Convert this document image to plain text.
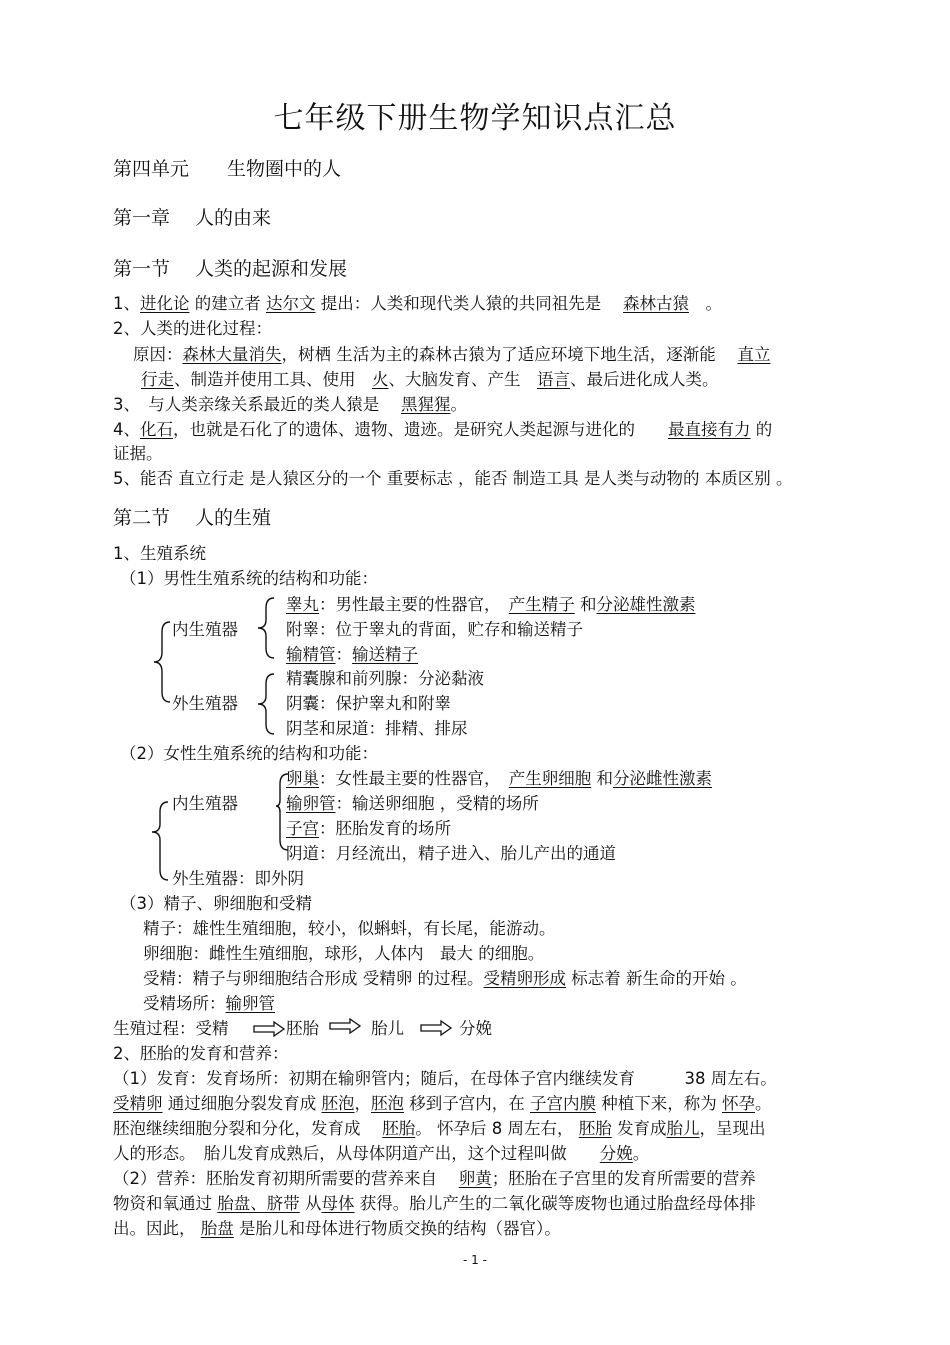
七年级下册生物学知识点汇总
第四单元　　生物圈中的人
第一章　 人的由来
第一节　 人类的起源和发展
1、进化论 的建立者 达尔文 提出：人类和现代类人猿的共同祖先是　 森林古猿　。
2、人类的进化过程：
原因：森林大量消失，树栖 生活为主的森林古猿为了适应环境下地生活，逐渐能　 直立
行走、制造并使用工具、使用　火、大脑发育、产生　语言、最后进化成人类。
3、　与人类亲缘关系最近的类人猿是　 黑猩猩。
4、化石，也就是石化了的遗体、遗物、遗迹。是研究人类起源与进化的　　最直接有力 的
证据。
5、能否 直立行走 是人猿区分的一个 重要标志 ，能否 制造工具 是人类与动物的 本质区别 。
第二节　 人的生殖
1、生殖系统
（1）男性生殖系统的结构和功能：
内生殖器
外生殖器
睾丸：男性最主要的性器官，　产生精子 和分泌雄性激素
附睾：位于睾丸的背面，贮存和输送精子
输精管：输送精子
精囊腺和前列腺：分泌黏液
阴囊：保护睾丸和附睾
阴茎和尿道：排精、排尿
（2）女性生殖系统的结构和功能：
内生殖器
外生殖器：即外阴
卵巢：女性最主要的性器官，　产生卵细胞 和分泌雌性激素
输卵管：输送卵细胞 ，受精的场所
子宫：胚胎发育的场所
阴道：月经流出，精子进入、胎儿产出的通道
（3）精子、卵细胞和受精
精子：雄性生殖细胞，较小，似蝌蚪，有长尾，能游动。
卵细胞：雌性生殖细胞，球形，人体内　最大 的细胞。
受精：精子与卵细胞结合形成 受精卵 的过程。受精卵形成 标志着 新生命的开始 。
受精场所：输卵管
生殖过程：受精	胚胎	胎儿	分娩
2、胚胎的发育和营养：
（1）发育：发育场所：初期在输卵管内；随后，在母体子宫内继续发育　　　38 周左右。
受精卵 通过细胞分裂发育成 胚泡，胚泡 移到子宫内，在 子宫内膜 种植下来，称为 怀孕。
胚泡继续细胞分裂和分化，发育成　 胚胎。 怀孕后 8 周左右， 胚胎 发育成胎儿，呈现出
人的形态。　胎儿发育成熟后，从母体阴道产出，这个过程叫做　　分娩。
（2）营养：胚胎发育初期所需要的营养来自　 卵黄；胚胎在子宫里的发育所需要的营养
物资和氧通过 胎盘、脐带 从母体 获得。胎儿产生的二氧化碳等废物也通过胎盘经母体排
出。因此， 胎盘 是胎儿和母体进行物质交换的结构（器官）。
- 1 -
